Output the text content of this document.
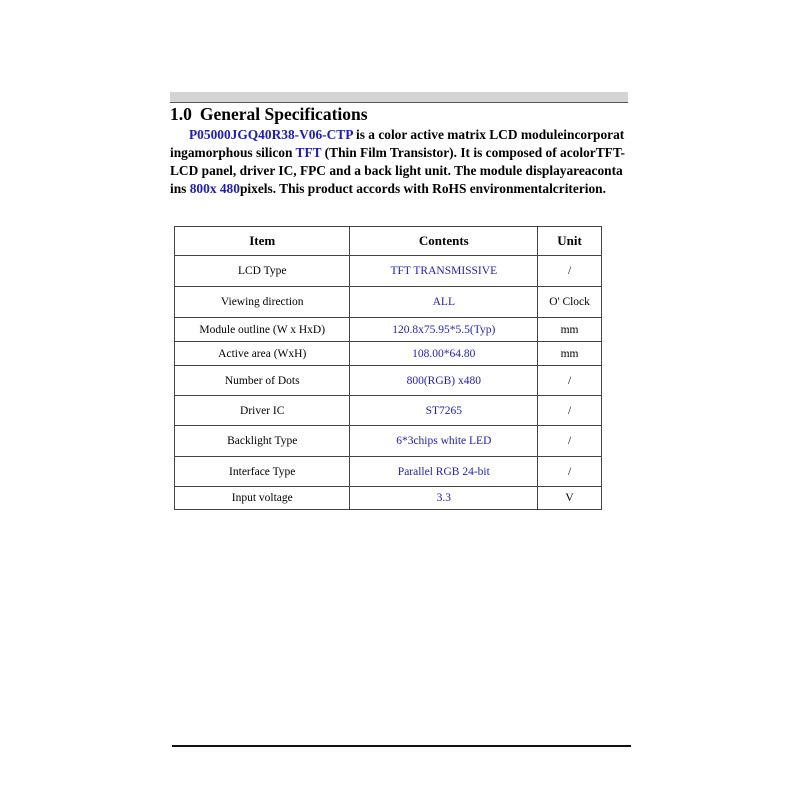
1.0 General Specifications

P05000JGQ40R38-V06-CTP is a color active matrix LCD moduleincorporatingamorphous silicon TFT (Thin Film Transistor). It is composed of acolorTFT-LCD panel, driver IC, FPC and a back light unit. The module displayareacontains 800x 480pixels. This product accords with RoHS environmentalcriterion.

Item	Contents	Unit
LCD Type	TFT TRANSMISSIVE	/
Viewing direction	ALL	O' Clock
Module outline (W x HxD)	120.8x75.95*5.5(Typ)	mm
Active area (WxH)	108.00*64.80	mm
Number of Dots	800(RGB) x480	/
Driver IC	ST7265	/
Backlight Type	6*3chips white LED	/
Interface Type	Parallel RGB 24-bit	/
Input voltage	3.3	V
